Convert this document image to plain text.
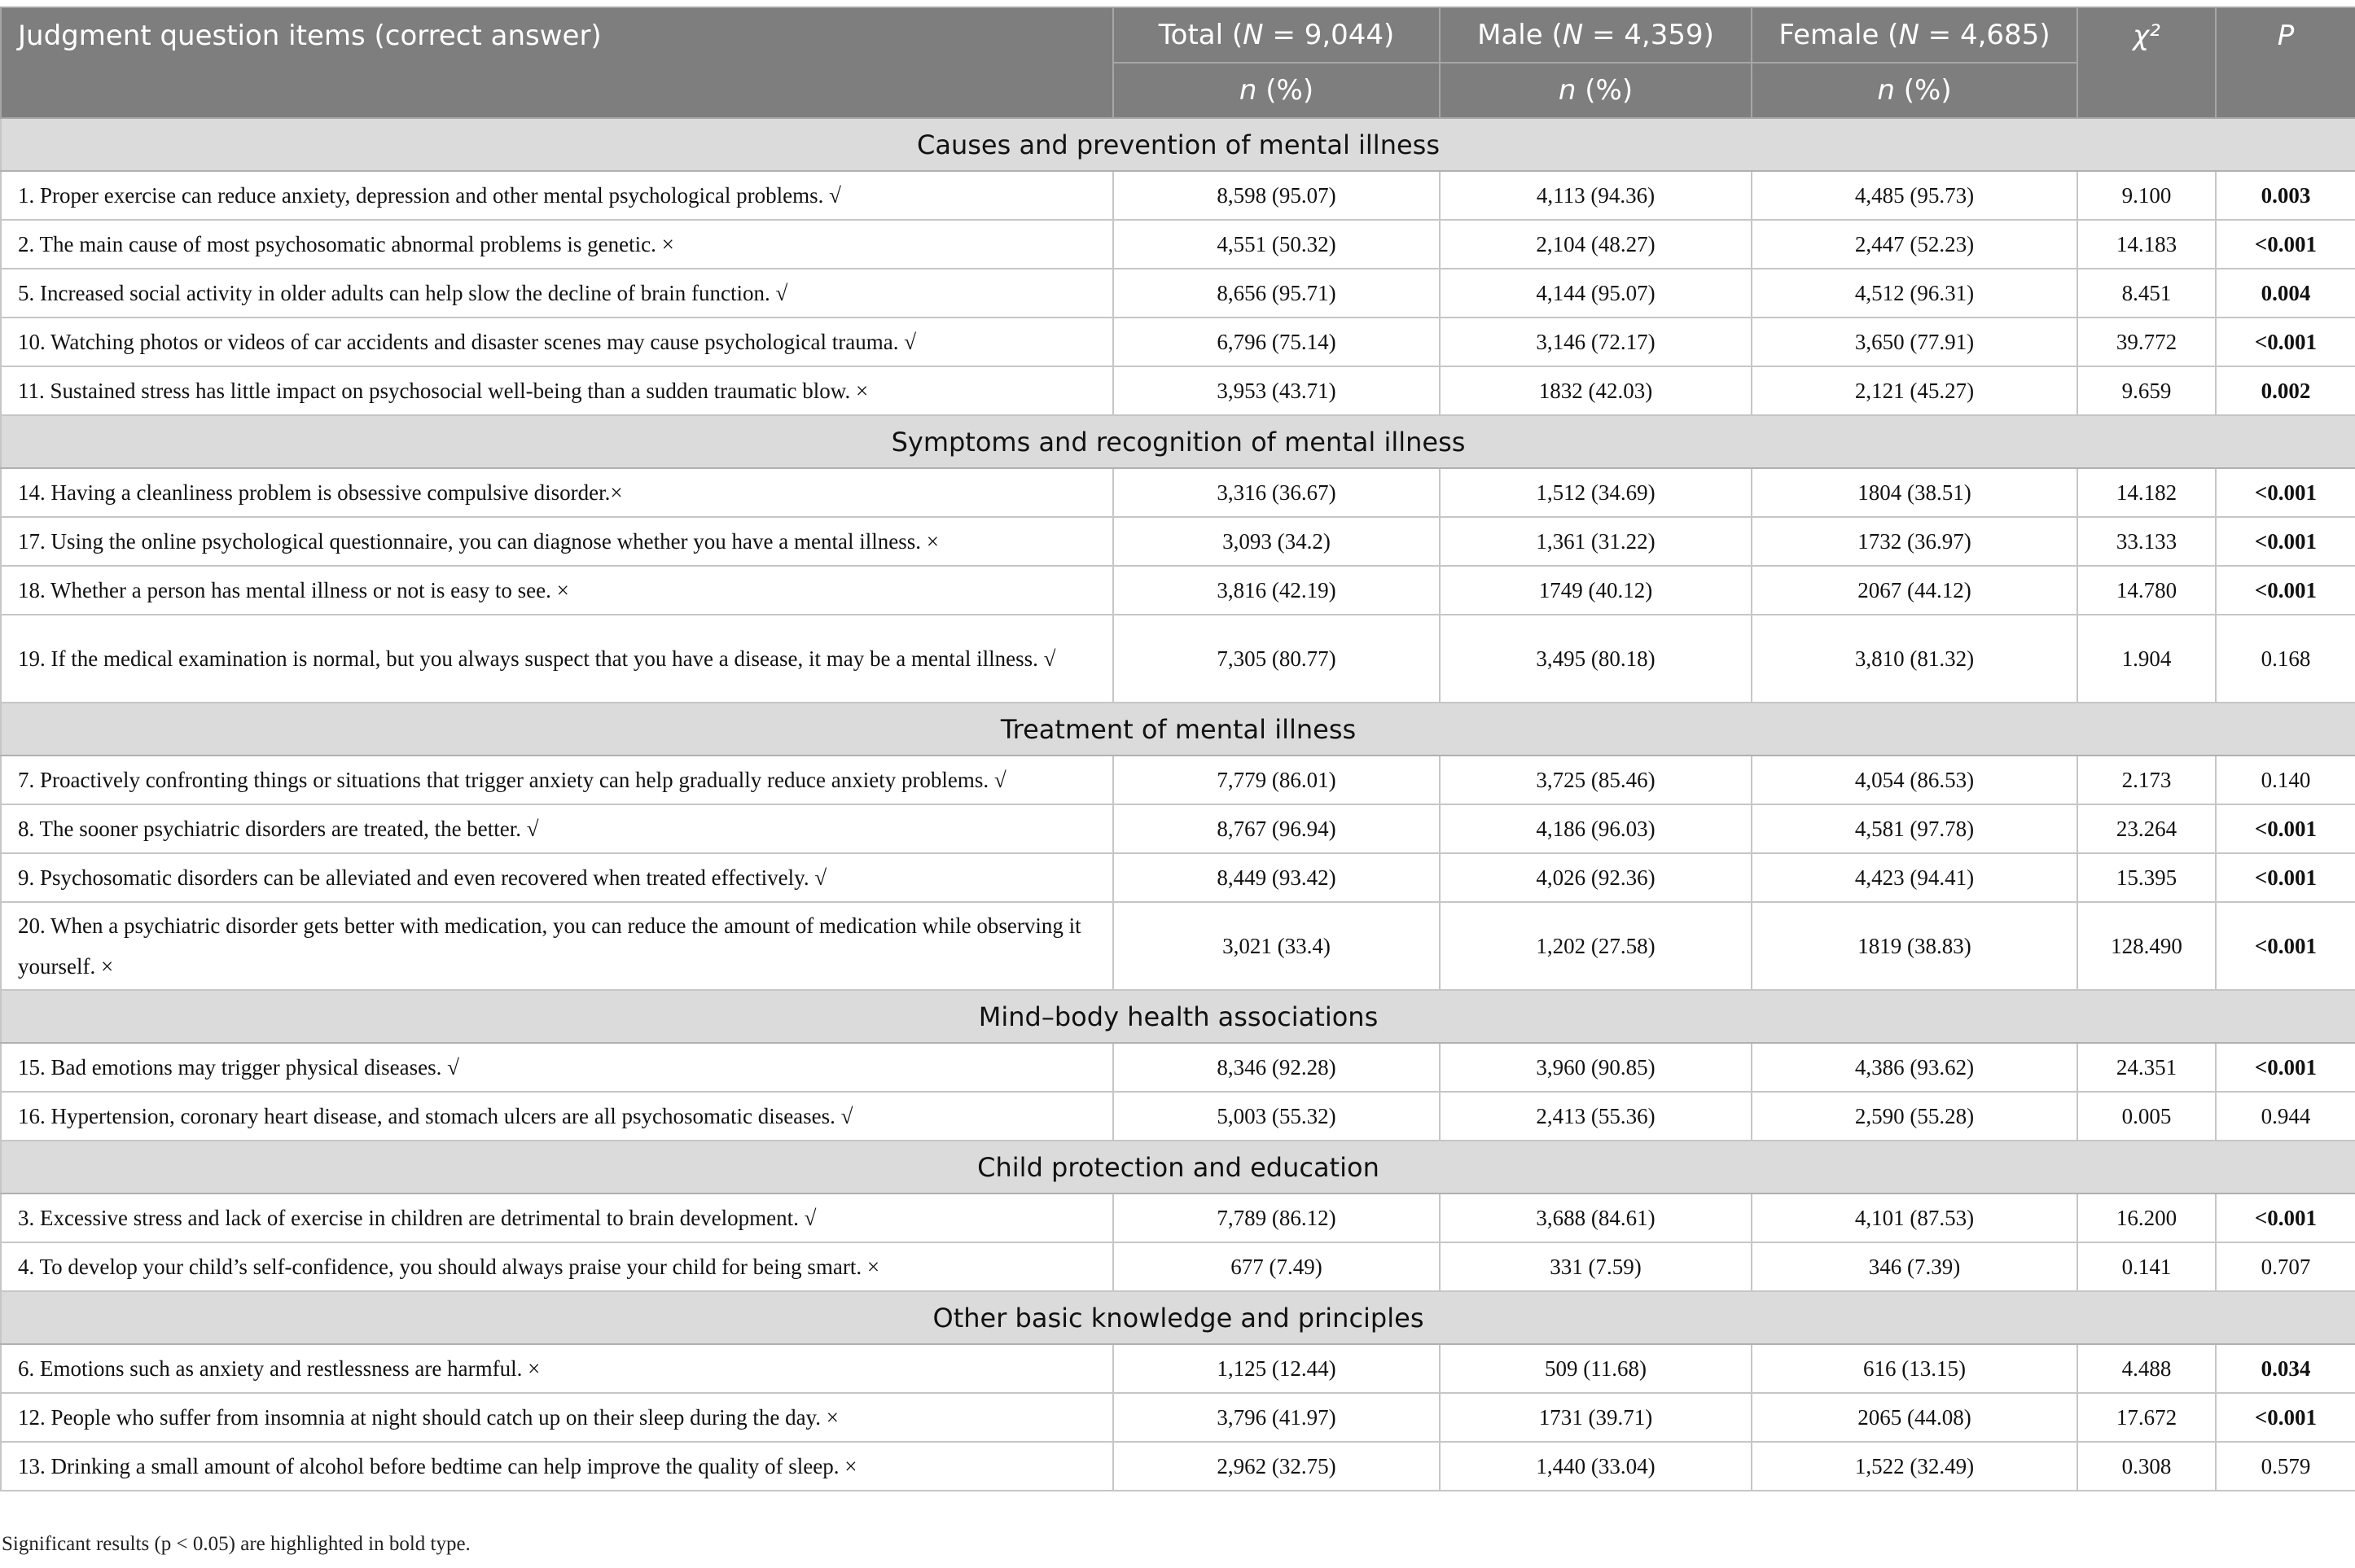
Judgment question items (correct answer)	Total (N = 9,044)	Male (N = 4,359)	Female (N = 4,685)	χ²	P
	n (%)	n (%)	n (%)		
Causes and prevention of mental illness					
1. Proper exercise can reduce anxiety, depression and other mental psychological problems. √	8,598 (95.07)	4,113 (94.36)	4,485 (95.73)	9.100	0.003
2. The main cause of most psychosomatic abnormal problems is genetic. ×	4,551 (50.32)	2,104 (48.27)	2,447 (52.23)	14.183	<0.001
5. Increased social activity in older adults can help slow the decline of brain function. √	8,656 (95.71)	4,144 (95.07)	4,512 (96.31)	8.451	0.004
10. Watching photos or videos of car accidents and disaster scenes may cause psychological trauma. √	6,796 (75.14)	3,146 (72.17)	3,650 (77.91)	39.772	<0.001
11. Sustained stress has little impact on psychosocial well-being than a sudden traumatic blow. ×	3,953 (43.71)	1832 (42.03)	2,121 (45.27)	9.659	0.002
Symptoms and recognition of mental illness					
14. Having a cleanliness problem is obsessive compulsive disorder.×	3,316 (36.67)	1,512 (34.69)	1804 (38.51)	14.182	<0.001
17. Using the online psychological questionnaire, you can diagnose whether you have a mental illness. ×	3,093 (34.2)	1,361 (31.22)	1732 (36.97)	33.133	<0.001
18. Whether a person has mental illness or not is easy to see. ×	3,816 (42.19)	1749 (40.12)	2067 (44.12)	14.780	<0.001
19. If the medical examination is normal, but you always suspect that you have a disease, it may be a mental illness. √	7,305 (80.77)	3,495 (80.18)	3,810 (81.32)	1.904	0.168
Treatment of mental illness					
7. Proactively confronting things or situations that trigger anxiety can help gradually reduce anxiety problems. √	7,779 (86.01)	3,725 (85.46)	4,054 (86.53)	2.173	0.140
8. The sooner psychiatric disorders are treated, the better. √	8,767 (96.94)	4,186 (96.03)	4,581 (97.78)	23.264	<0.001
9. Psychosomatic disorders can be alleviated and even recovered when treated effectively. √	8,449 (93.42)	4,026 (92.36)	4,423 (94.41)	15.395	<0.001
20. When a psychiatric disorder gets better with medication, you can reduce the amount of medication while observing it yourself. ×	3,021 (33.4)	1,202 (27.58)	1819 (38.83)	128.490	<0.001
Mind–body health associations					
15. Bad emotions may trigger physical diseases. √	8,346 (92.28)	3,960 (90.85)	4,386 (93.62)	24.351	<0.001
16. Hypertension, coronary heart disease, and stomach ulcers are all psychosomatic diseases. √	5,003 (55.32)	2,413 (55.36)	2,590 (55.28)	0.005	0.944
Child protection and education					
3. Excessive stress and lack of exercise in children are detrimental to brain development. √	7,789 (86.12)	3,688 (84.61)	4,101 (87.53)	16.200	<0.001
4. To develop your child’s self-confidence, you should always praise your child for being smart. ×	677 (7.49)	331 (7.59)	346 (7.39)	0.141	0.707
Other basic knowledge and principles					
6. Emotions such as anxiety and restlessness are harmful. ×	1,125 (12.44)	509 (11.68)	616 (13.15)	4.488	0.034
12. People who suffer from insomnia at night should catch up on their sleep during the day. ×	3,796 (41.97)	1731 (39.71)	2065 (44.08)	17.672	<0.001
13. Drinking a small amount of alcohol before bedtime can help improve the quality of sleep. ×	2,962 (32.75)	1,440 (33.04)	1,522 (32.49)	0.308	0.579
Significant results (p < 0.05) are highlighted in bold type.
